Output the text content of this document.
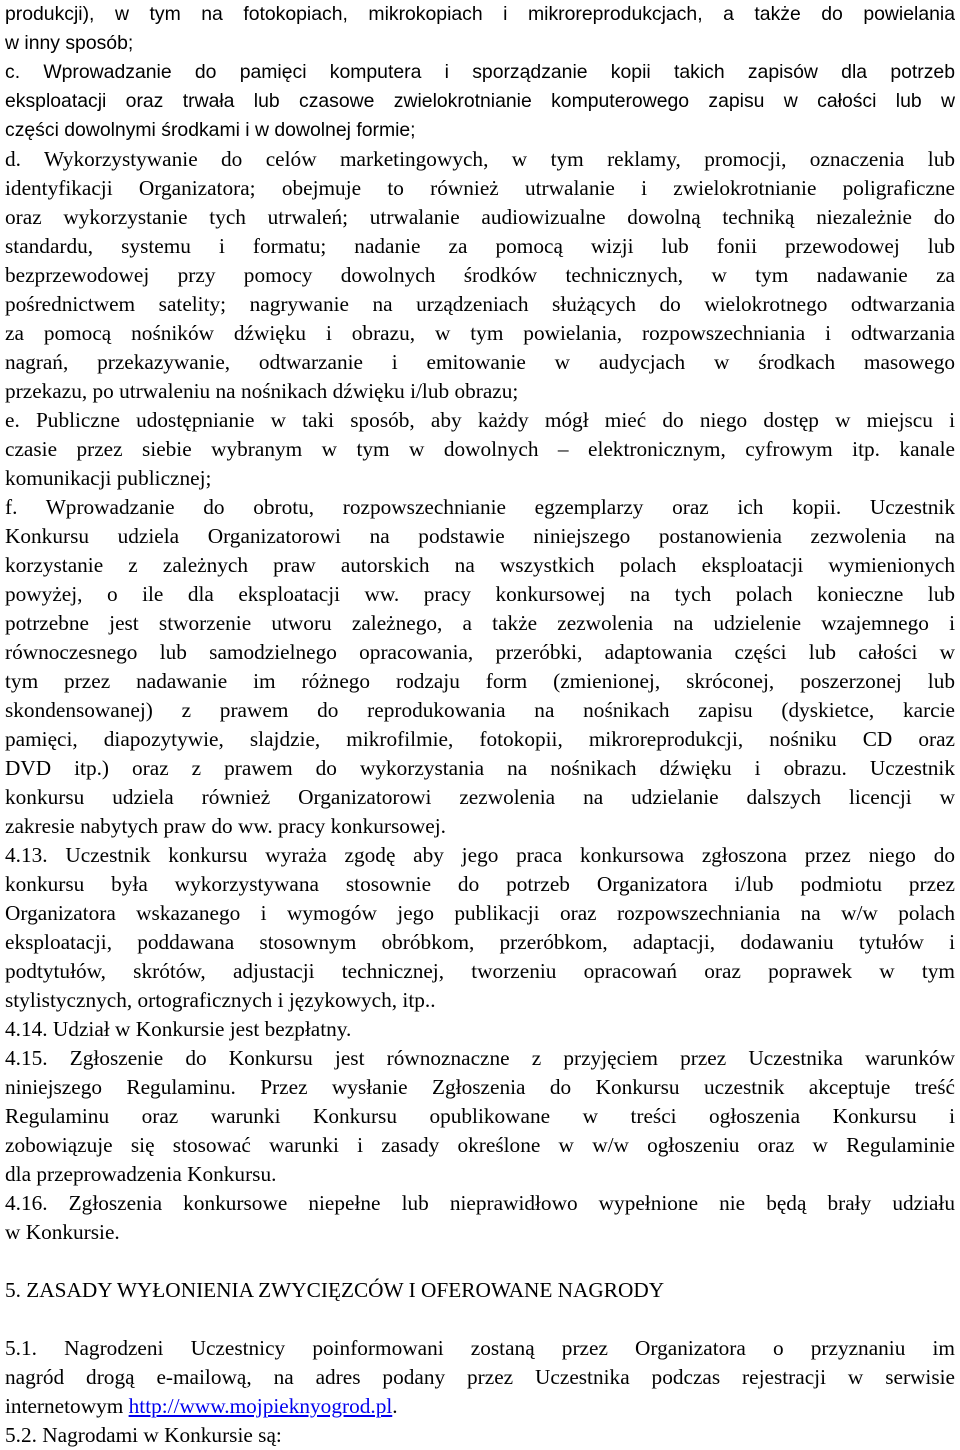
produkcji), w tym na fotokopiach, mikrokopiach i mikroreprodukcjach, a także do powielania
w inny sposób;
c. Wprowadzanie do pamięci komputera i sporządzanie kopii takich zapisów dla potrzeb
eksploatacji oraz trwała lub czasowe zwielokrotnianie komputerowego zapisu w całości lub w
części dowolnymi środkami i w dowolnej formie;
d. Wykorzystywanie do celów marketingowych, w tym reklamy, promocji, oznaczenia lub
identyfikacji Organizatora; obejmuje to również utrwalanie i zwielokrotnianie poligraficzne
oraz wykorzystanie tych utrwaleń; utrwalanie audiowizualne dowolną techniką niezależnie do
standardu, systemu i formatu; nadanie za pomocą wizji lub fonii przewodowej lub
bezprzewodowej przy pomocy dowolnych środków technicznych, w tym nadawanie za
pośrednictwem satelity; nagrywanie na urządzeniach służących do wielokrotnego odtwarzania
za pomocą nośników dźwięku i obrazu, w tym powielania, rozpowszechniania i odtwarzania
nagrań, przekazywanie, odtwarzanie i emitowanie w audycjach w środkach masowego
przekazu, po utrwaleniu na nośnikach dźwięku i/lub obrazu;
e. Publiczne udostępnianie w taki sposób, aby każdy mógł mieć do niego dostęp w miejscu i
czasie przez siebie wybranym w tym w dowolnych – elektronicznym, cyfrowym itp. kanale
komunikacji publicznej;
f. Wprowadzanie do obrotu, rozpowszechnianie egzemplarzy oraz ich kopii. Uczestnik
Konkursu udziela Organizatorowi na podstawie niniejszego postanowienia zezwolenia na
korzystanie z zależnych praw autorskich na wszystkich polach eksploatacji wymienionych
powyżej, o ile dla eksploatacji ww. pracy konkursowej na tych polach konieczne lub
potrzebne jest stworzenie utworu zależnego, a także zezwolenia na udzielenie wzajemnego i
równoczesnego lub samodzielnego opracowania, przeróbki, adaptowania części lub całości w
tym przez nadawanie im różnego rodzaju form (zmienionej, skróconej, poszerzonej lub
skondensowanej) z prawem do reprodukowania na nośnikach zapisu (dyskietce, karcie
pamięci, diapozytywie, slajdzie, mikrofilmie, fotokopii, mikroreprodukcji, nośniku CD oraz
DVD itp.) oraz z prawem do wykorzystania na nośnikach dźwięku i obrazu. Uczestnik
konkursu udziela również Organizatorowi zezwolenia na udzielanie dalszych licencji w
zakresie nabytych praw do ww. pracy konkursowej.
4.13. Uczestnik konkursu wyraża zgodę aby jego praca konkursowa zgłoszona przez niego do
konkursu była wykorzystywana stosownie do potrzeb Organizatora i/lub podmiotu przez
Organizatora wskazanego i wymogów jego publikacji oraz rozpowszechniania na w/w polach
eksploatacji, poddawana stosownym obróbkom, przeróbkom, adaptacji, dodawaniu tytułów i
podtytułów, skrótów, adjustacji technicznej, tworzeniu opracowań oraz poprawek w tym
stylistycznych, ortograficznych i językowych, itp..
4.14. Udział w Konkursie jest bezpłatny.
4.15. Zgłoszenie do Konkursu jest równoznaczne z przyjęciem przez Uczestnika warunków
niniejszego Regulaminu. Przez wysłanie Zgłoszenia do Konkursu uczestnik akceptuje treść
Regulaminu oraz warunki Konkursu opublikowane w treści ogłoszenia Konkursu i
zobowiązuje się stosować warunki i zasady określone w w/w ogłoszeniu oraz w Regulaminie
dla przeprowadzenia Konkursu.
4.16. Zgłoszenia konkursowe niepełne lub nieprawidłowo wypełnione nie będą brały udziału
w Konkursie.
5. ZASADY WYŁONIENIA ZWYCIĘZCÓW I OFEROWANE NAGRODY
5.1. Nagrodzeni Uczestnicy poinformowani zostaną przez Organizatora o przyznaniu im
nagród drogą e-mailową, na adres podany przez Uczestnika podczas rejestracji w serwisie
internetowym http://www.mojpieknyogrod.pl.
5.2. Nagrodami w Konkursie są:
